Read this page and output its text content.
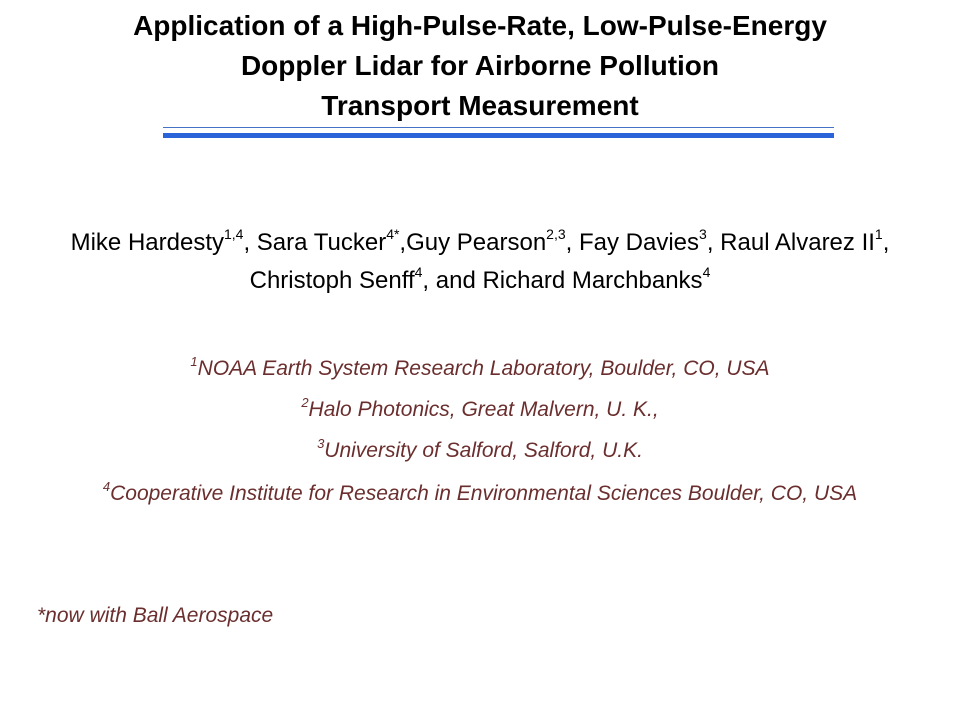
Application of a High-Pulse-Rate, Low-Pulse-Energy
Doppler Lidar for Airborne Pollution
Transport Measurement
Mike Hardesty$^{1,4}$, Sara Tucker$^{4*}$,Guy Pearson$^{2,3}$, Fay Davies$^3$, Raul Alvarez $II^1$, Christoph Senff$^4$, and Richard Marchbanks$^4$
$^1$NOAA Earth System Research Laboratory, Boulder, CO, USA
$^2$Halo Photonics, Great Malvern, U. K.,
$^3$University of Salford, Salford, U.K.
$^4$Cooperative Institute for Research in Environmental Sciences Boulder, CO, USA
*now with Ball Aerospace
